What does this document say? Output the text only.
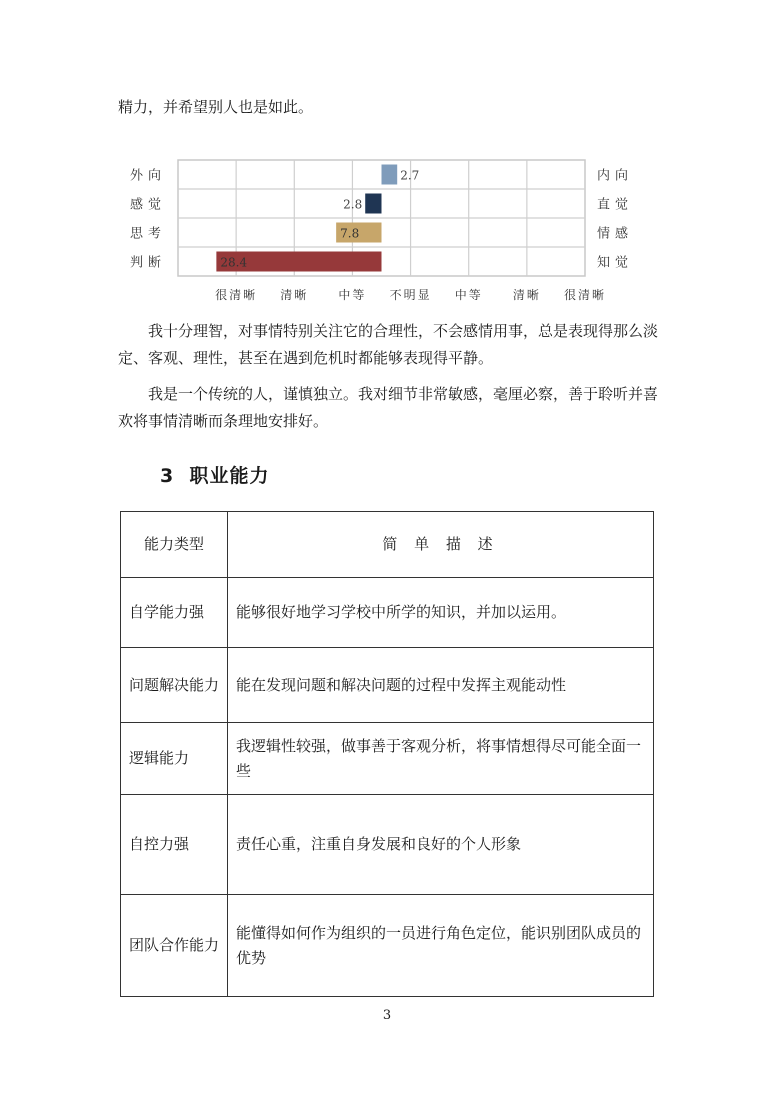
精力，并希望别人也是如此。

外向	内向
2.7
感觉	直觉
2.8
思考	情感
7.8
判断	知觉
28.4
很清晰 清晰	中等 不明显 中等	清晰 很清晰

我十分理智，对事情特别关注它的合理性，不会感情用事，总是表现得那么淡定、客观、理性，甚至在遇到危机时都能够表现得平静。

我是一个传统的人，谨慎独立。我对细节非常敏感，毫厘必察，善于聆听并喜欢将事情清晰而条理地安排好。

3 职业能力
能力类型	简 单 描 述
自学能力强	能够很好地学习学校中所学的知识，并加以运用。
问题解决能力	能在发现问题和解决问题的过程中发挥主观能动性
逻辑能力	我逻辑性较强，做事善于客观分析，将事情想得尽可能全面一些
自控力强	责任心重，注重自身发展和良好的个人形象
团队合作能力	能懂得如何作为组织的一员进行角色定位，能识别团队成员的优势
3
